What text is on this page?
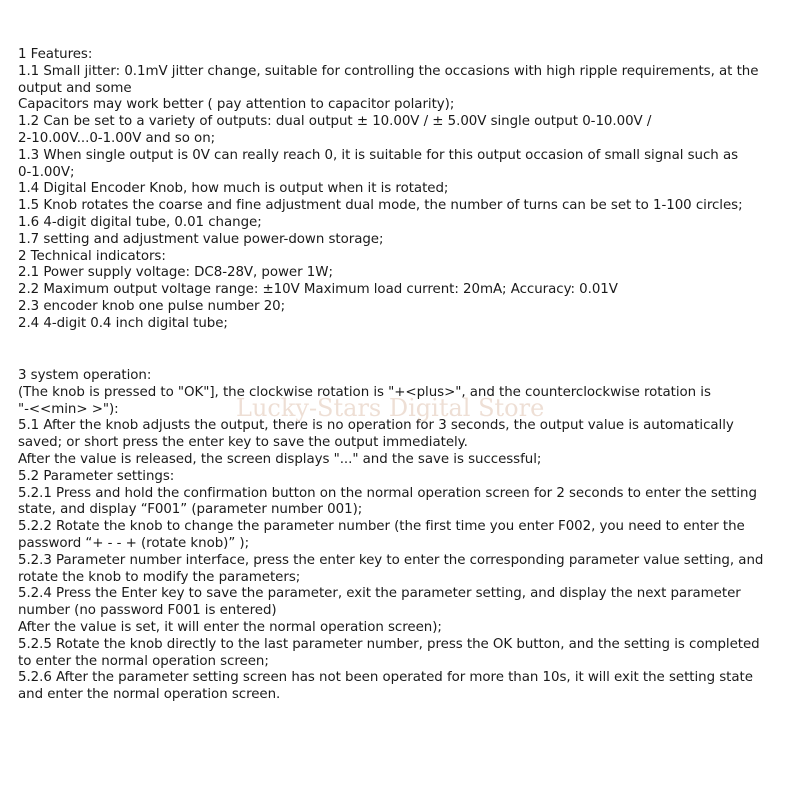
1 Features:
1.1 Small jitter: 0.1mV jitter change, suitable for controlling the occasions with high ripple requirements, at the
output and some
Capacitors may work better ( pay attention to capacitor polarity);
1.2 Can be set to a variety of outputs: dual output ± 10.00V / ± 5.00V single output 0-10.00V /
2-10.00V...0-1.00V and so on;
1.3 When single output is 0V can really reach 0, it is suitable for this output occasion of small signal such as
0-1.00V;
1.4 Digital Encoder Knob, how much is output when it is rotated;
1.5 Knob rotates the coarse and fine adjustment dual mode, the number of turns can be set to 1-100 circles;
1.6 4-digit digital tube, 0.01 change;
1.7 setting and adjustment value power-down storage;
2 Technical indicators:
2.1 Power supply voltage: DC8-28V, power 1W;
2.2 Maximum output voltage range: ±10V Maximum load current: 20mA; Accuracy: 0.01V
2.3 encoder knob one pulse number 20;
2.4 4-digit 0.4 inch digital tube;
3 system operation:
(The knob is pressed to "OK"], the clockwise rotation is "+<plus>", and the counterclockwise rotation is
"-<<min> >"):
5.1 After the knob adjusts the output, there is no operation for 3 seconds, the output value is automatically
saved; or short press the enter key to save the output immediately.
After the value is released, the screen displays "..." and the save is successful;
5.2 Parameter settings:
5.2.1 Press and hold the confirmation button on the normal operation screen for 2 seconds to enter the setting
state, and display “F001” (parameter number 001);
5.2.2 Rotate the knob to change the parameter number (the first time you enter F002, you need to enter the
password “+ - - + (rotate knob)” );
5.2.3 Parameter number interface, press the enter key to enter the corresponding parameter value setting, and
rotate the knob to modify the parameters;
5.2.4 Press the Enter key to save the parameter, exit the parameter setting, and display the next parameter
number (no password F001 is entered)
After the value is set, it will enter the normal operation screen);
5.2.5 Rotate the knob directly to the last parameter number, press the OK button, and the setting is completed
to enter the normal operation screen;
5.2.6 After the parameter setting screen has not been operated for more than 10s, it will exit the setting state
and enter the normal operation screen.
Lucky-Stars Digital Store
